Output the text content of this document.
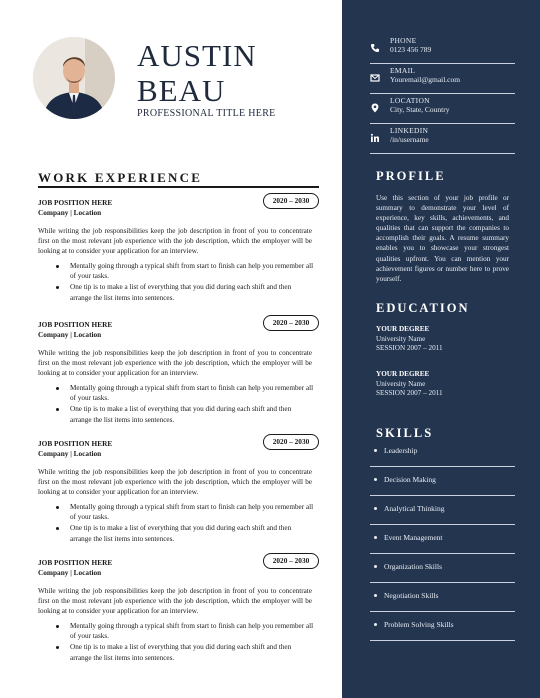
AUSTIN
BEAU
PROFESSIONAL TITLE HERE
PHONE
0123 456 789
EMAIL
Youremail@gmail.com
LOCATION
City, State, Country
LINKEDIN
/in/username
PROFILE
Use this section of your job profile or summary to demonstrate your level of experience, key skills, achievements, and qualities that can support the companies to accomplish their goals. A resume summary enables you to showcase your strongest qualities upfront. You can mention your achievement figures or number here to prove yourself.
EDUCATION
YOUR DEGREE
University Name
SESSION 2007 – 2011
YOUR DEGREE
University Name
SESSION 2007 – 2011
SKILLS
Leadership
Decision Making
Analytical Thinking
Event Management
Organization Skills
Negotiation Skills
Problem Solving Skills
WORK EXPERIENCE
JOB POSITION HERE
Company | Location
2020 – 2030
While writing the job responsibilities keep the job description in front of you to concentrate first on the most relevant job experience with the job description, which the employer will be looking at to consider your application for an interview.
Mentally going through a typical shift from start to finish can help you remember all of your tasks.
One tip is to make a list of everything that you did during each shift and then arrange the list items into sentences.
JOB POSITION HERE
Company | Location
2020 – 2030
While writing the job responsibilities keep the job description in front of you to concentrate first on the most relevant job experience with the job description, which the employer will be looking at to consider your application for an interview.
Mentally going through a typical shift from start to finish can help you remember all of your tasks.
One tip is to make a list of everything that you did during each shift and then arrange the list items into sentences.
JOB POSITION HERE
Company | Location
2020 – 2030
While writing the job responsibilities keep the job description in front of you to concentrate first on the most relevant job experience with the job description, which the employer will be looking at to consider your application for an interview.
Mentally going through a typical shift from start to finish can help you remember all of your tasks.
One tip is to make a list of everything that you did during each shift and then arrange the list items into sentences.
JOB POSITION HERE
Company | Location
2020 – 2030
While writing the job responsibilities keep the job description in front of you to concentrate first on the most relevant job experience with the job description, which the employer will be looking at to consider your application for an interview.
Mentally going through a typical shift from start to finish can help you remember all of your tasks.
One tip is to make a list of everything that you did during each shift and then arrange the list items into sentences.
